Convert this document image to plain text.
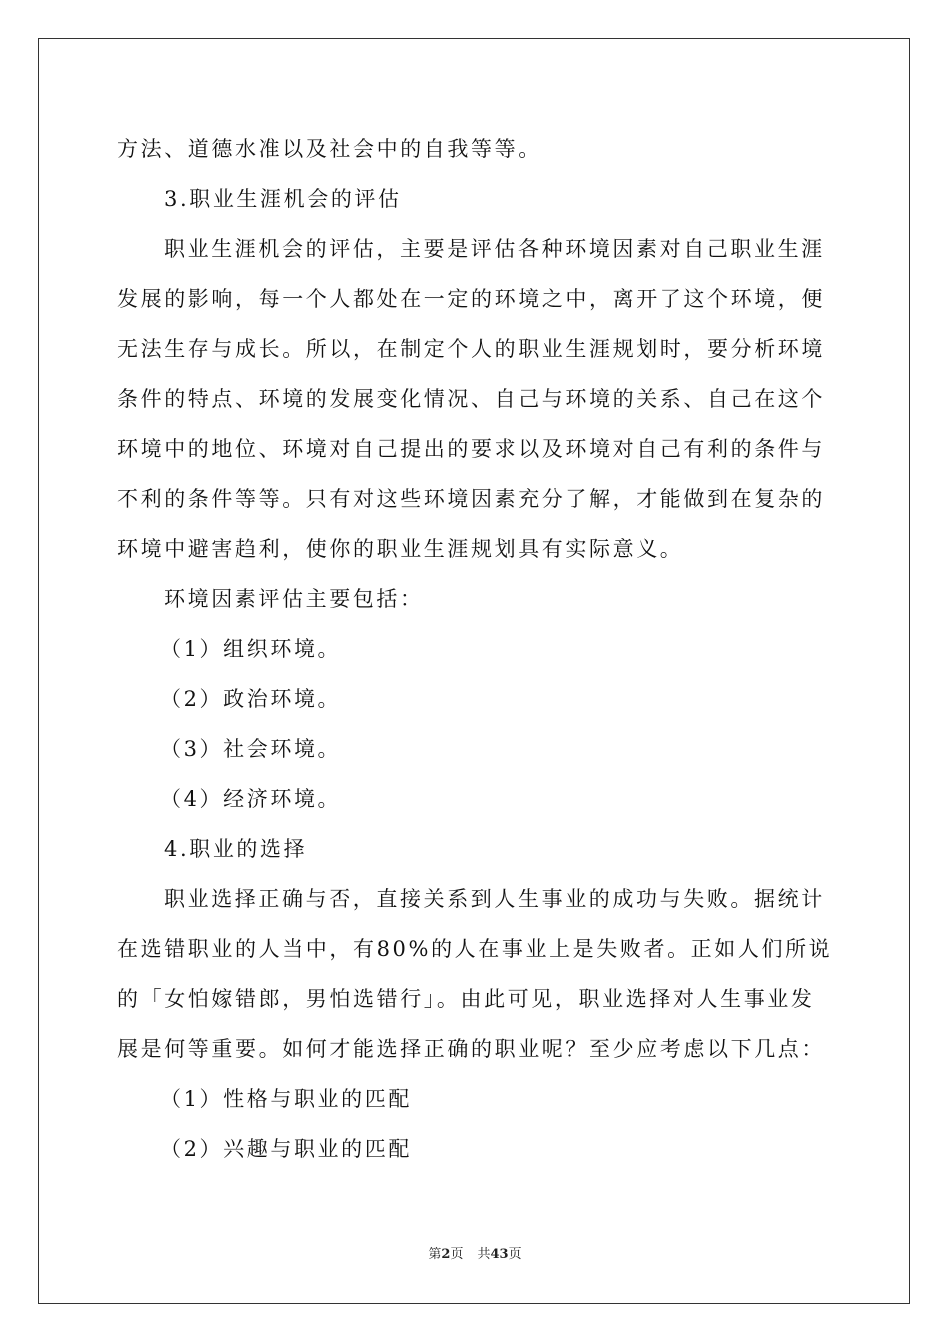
方法、道德水准以及社会中的自我等等。
3.职业生涯机会的评估
职业生涯机会的评估，主要是评估各种环境因素对自己职业生涯
发展的影响，每一个人都处在一定的环境之中，离开了这个环境，便
无法生存与成长。所以，在制定个人的职业生涯规划时，要分析环境
条件的特点、环境的发展变化情况、自己与环境的关系、自己在这个
环境中的地位、环境对自己提出的要求以及环境对自己有利的条件与
不利的条件等等。只有对这些环境因素充分了解，才能做到在复杂的
环境中避害趋利，使你的职业生涯规划具有实际意义。
环境因素评估主要包括：
（1）组织环境。
（2）政治环境。
（3）社会环境。
（4）经济环境。
4.职业的选择
职业选择正确与否，直接关系到人生事业的成功与失败。据统计
在选错职业的人当中，有80%的人在事业上是失败者。正如人们所说
的「女怕嫁错郎，男怕选错行」。由此可见，职业选择对人生事业发
展是何等重要。如何才能选择正确的职业呢？至少应考虑以下几点：
（1）性格与职业的匹配
（2）兴趣与职业的匹配
第2页 共43页
